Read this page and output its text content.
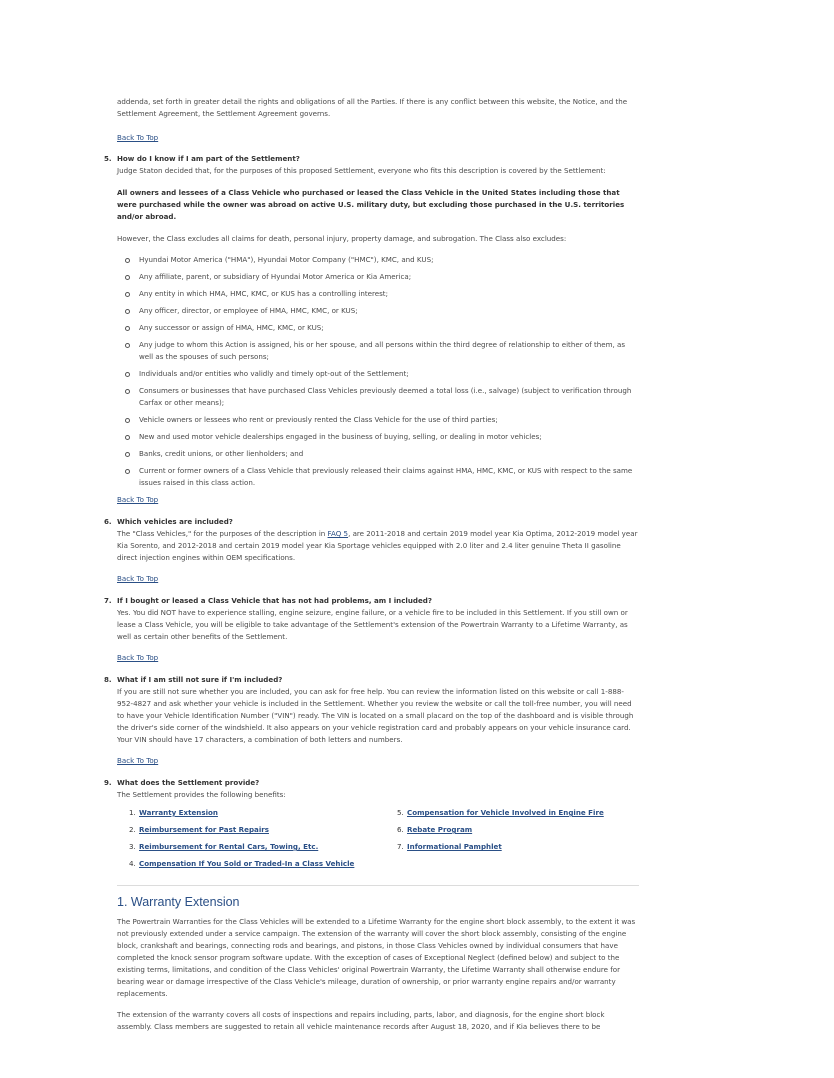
addenda, set forth in greater detail the rights and obligations of all the Parties. If there is any conflict between this website, the Notice, and the Settlement Agreement, the Settlement Agreement governs.

Back To Top
5. How do I know if I am part of the Settlement?

Judge Staton decided that, for the purposes of this proposed Settlement, everyone who fits this description is covered by the Settlement:

All owners and lessees of a Class Vehicle who purchased or leased the Class Vehicle in the United States including those that were purchased while the owner was abroad on active U.S. military duty, but excluding those purchased in the U.S. territories and/or abroad.

However, the Class excludes all claims for death, personal injury, property damage, and subrogation. The Class also excludes:

Hyundai Motor America ("HMA"), Hyundai Motor Company ("HMC"), KMC, and KUS;
Any affiliate, parent, or subsidiary of Hyundai Motor America or Kia America;
Any entity in which HMA, HMC, KMC, or KUS has a controlling interest;
Any officer, director, or employee of HMA, HMC, KMC, or KUS;
Any successor or assign of HMA, HMC, KMC, or KUS;
Any judge to whom this Action is assigned, his or her spouse, and all persons within the third degree of relationship to either of them, as well as the spouses of such persons;
Individuals and/or entities who validly and timely opt-out of the Settlement;
Consumers or businesses that have purchased Class Vehicles previously deemed a total loss (i.e., salvage) (subject to verification through Carfax or other means);
Vehicle owners or lessees who rent or previously rented the Class Vehicle for the use of third parties;
New and used motor vehicle dealerships engaged in the business of buying, selling, or dealing in motor vehicles;
Banks, credit unions, or other lienholders; and
Current or former owners of a Class Vehicle that previously released their claims against HMA, HMC, KMC, or KUS with respect to the same issues raised in this class action.
Back To Top
6. Which vehicles are included?

The "Class Vehicles," for the purposes of the description in FAQ 5, are 2011-2018 and certain 2019 model year Kia Optima, 2012-2019 model year Kia Sorento, and 2012-2018 and certain 2019 model year Kia Sportage vehicles equipped with 2.0 liter and 2.4 liter genuine Theta II gasoline direct injection engines within OEM specifications.

Back To Top
7. If I bought or leased a Class Vehicle that has not had problems, am I included?

Yes. You did NOT have to experience stalling, engine seizure, engine failure, or a vehicle fire to be included in this Settlement. If you still own or lease a Class Vehicle, you will be eligible to take advantage of the Settlement's extension of the Powertrain Warranty to a Lifetime Warranty, as well as certain other benefits of the Settlement.

Back To Top
8. What if I am still not sure if I'm included?

If you are still not sure whether you are included, you can ask for free help. You can review the information listed on this website or call 1-888-952-4827 and ask whether your vehicle is included in the Settlement. Whether you review the website or call the toll-free number, you will need to have your Vehicle Identification Number ("VIN") ready. The VIN is located on a small placard on the top of the dashboard and is visible through the driver's side corner of the windshield. It also appears on your vehicle registration card and probably appears on your vehicle insurance card. Your VIN should have 17 characters, a combination of both letters and numbers.

Back To Top
9. What does the Settlement provide?

The Settlement provides the following benefits:

1. Warranty Extension
2. Reimbursement for Past Repairs
3. Reimbursement for Rental Cars, Towing, Etc.
4. Compensation If You Sold or Traded-In a Class Vehicle
5. Compensation for Vehicle Involved in Engine Fire
6. Rebate Program
7. Informational Pamphlet
1. Warranty Extension

The Powertrain Warranties for the Class Vehicles will be extended to a Lifetime Warranty for the engine short block assembly, to the extent it was not previously extended under a service campaign. The extension of the warranty will cover the short block assembly, consisting of the engine block, crankshaft and bearings, connecting rods and bearings, and pistons, in those Class Vehicles owned by individual consumers that have completed the knock sensor program software update. With the exception of cases of Exceptional Neglect (defined below) and subject to the existing terms, limitations, and condition of the Class Vehicles' original Powertrain Warranty, the Lifetime Warranty shall otherwise endure for bearing wear or damage irrespective of the Class Vehicle's mileage, duration of ownership, or prior warranty engine repairs and/or warranty replacements.

The extension of the warranty covers all costs of inspections and repairs including, parts, labor, and diagnosis, for the engine short block assembly. Class members are suggested to retain all vehicle maintenance records after August 18, 2020, and if Kia believes there to be
